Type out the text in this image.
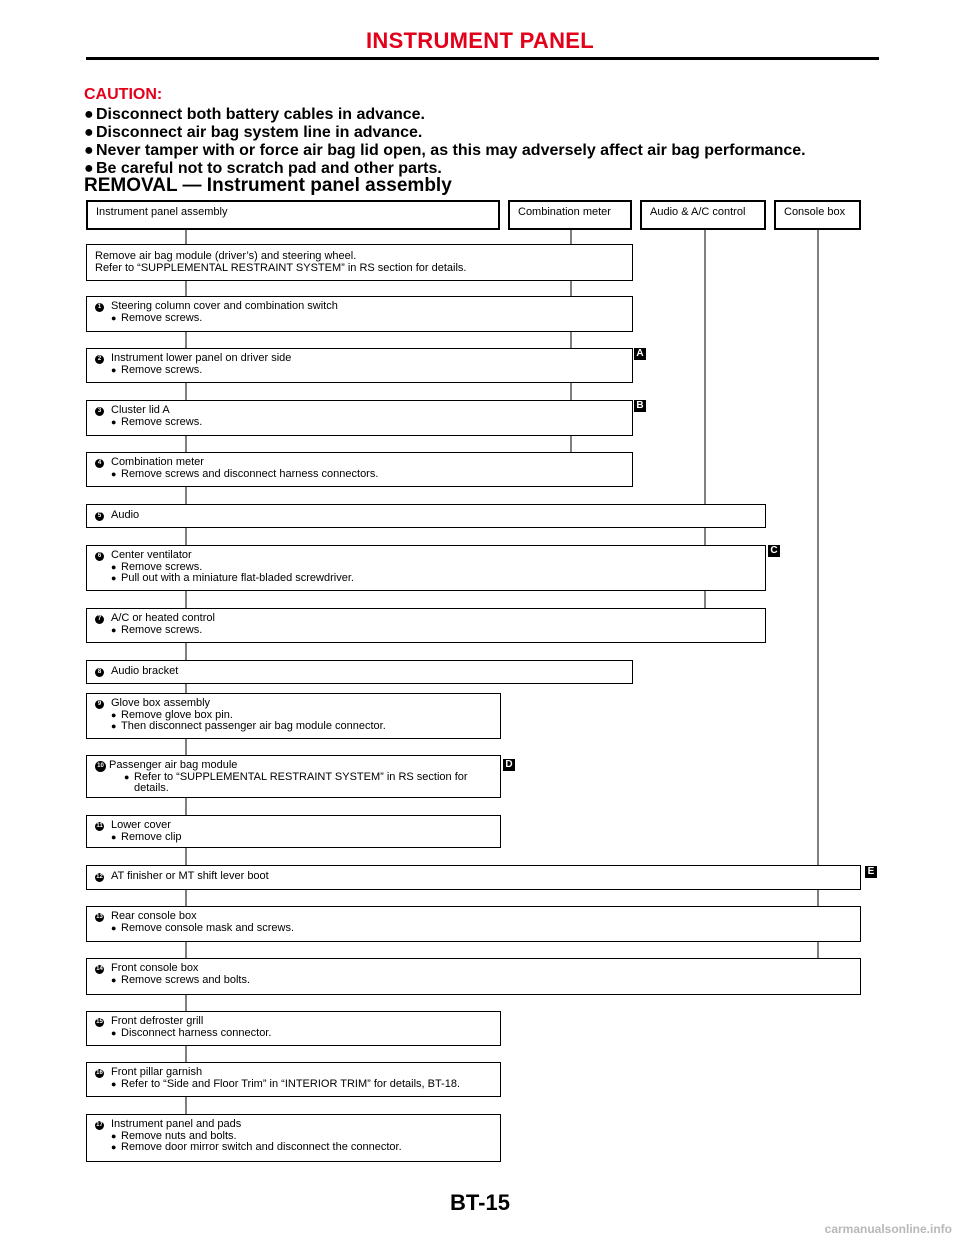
INSTRUMENT PANEL
CAUTION:
● Disconnect both battery cables in advance.
● Disconnect air bag system line in advance.
● Never tamper with or force air bag lid open, as this may adversely affect air bag performance.
● Be careful not to scratch pad and other parts.
REMOVAL — Instrument panel assembly
Instrument panel assembly	Combination meter	Audio & A/C control	Console box
Remove air bag module (driver’s) and steering wheel.
Refer to “SUPPLEMENTAL RESTRAINT SYSTEM” in RS section for details.
1 Steering column cover and combination switch
● Remove screws.
2 Instrument lower panel on driver side
● Remove screws.
A
3 Cluster lid A
● Remove screws.
B
4 Combination meter
● Remove screws and disconnect harness connectors.
5 Audio
6 Center ventilator
● Remove screws.
● Pull out with a miniature flat-bladed screwdriver.
C
7 A/C or heated control
● Remove screws.
8 Audio bracket
9 Glove box assembly
● Remove glove box pin.
● Then disconnect passenger air bag module connector.
10 Passenger air bag module
● Refer to “SUPPLEMENTAL RESTRAINT SYSTEM” in RS section for details.
D
11 Lower cover
● Remove clip
12 AT finisher or MT shift lever boot	E
13 Rear console box
● Remove console mask and screws.
14 Front console box
● Remove screws and bolts.
15 Front defroster grill
● Disconnect harness connector.
16 Front pillar garnish
● Refer to “Side and Floor Trim” in “INTERIOR TRIM” for details, BT-18.
17 Instrument panel and pads
● Remove nuts and bolts.
● Remove door mirror switch and disconnect the connector.
BT-15
carmanualsonline.info
